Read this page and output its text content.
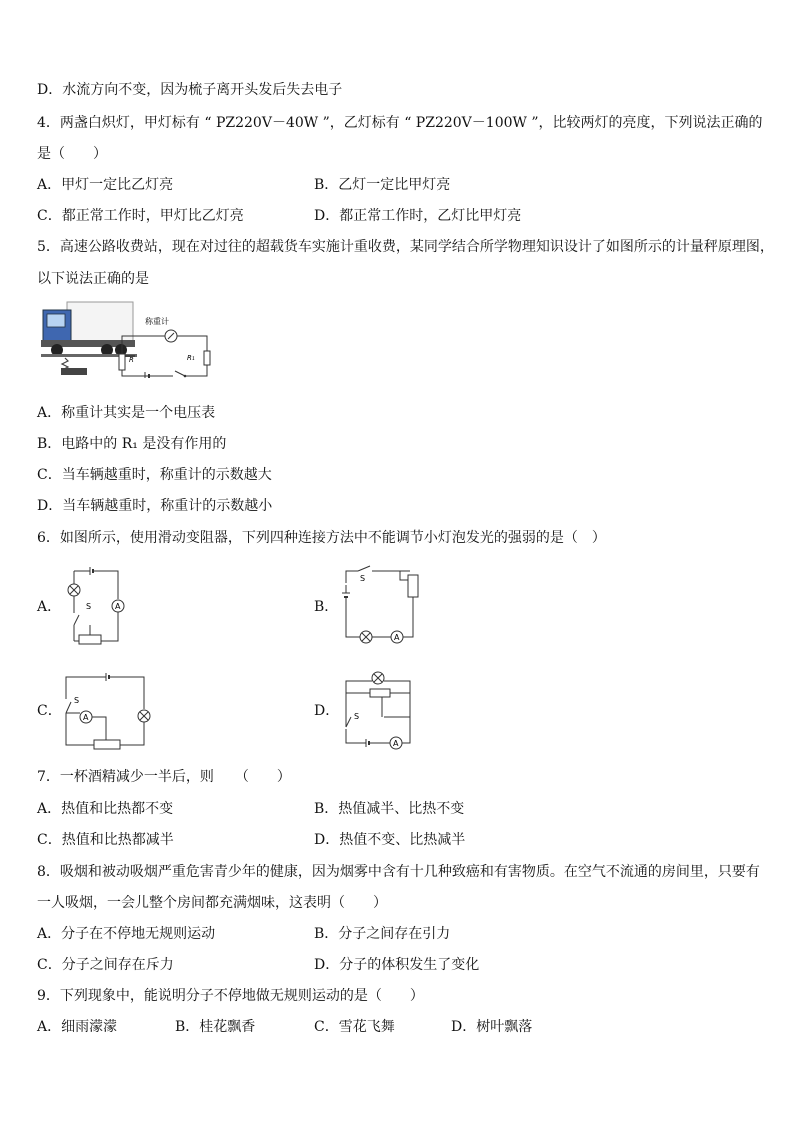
D．水流方向不变，因为梳子离开头发后失去电子
4．两盏白炽灯，甲灯标有 “ PZ220V－40W ”，乙灯标有 “ PZ220V－100W ”，比较两灯的亮度，下列说法正确的
是（　　）
A．甲灯一定比乙灯亮	B．乙灯一定比甲灯亮
C．都正常工作时，甲灯比乙灯亮	D．都正常工作时，乙灯比甲灯亮
5．高速公路收费站，现在对过往的超载货车实施计重收费，某同学结合所学物理知识设计了如图所示的计量秤原理图，
以下说法正确的是
R
称重计
R₁
A．称重计其实是一个电压表
B．电路中的 R₁ 是没有作用的
C．当车辆越重时，称重计的示数越大
D．当车辆越重时，称重计的示数越小
6．如图所示，使用滑动变阻器，下列四种连接方法中不能调节小灯泡发光的强弱的是（　）
A．	A
S	B．
S
A
C．
S
A	D． S
A
7．一杯酒精减少一半后，则　　（　　）
A．热值和比热都不变	B．热值减半、比热不变
C．热值和比热都减半	D．热值不变、比热减半
8．吸烟和被动吸烟严重危害青少年的健康，因为烟雾中含有十几种致癌和有害物质。在空气不流通的房间里，只要有
一人吸烟，一会儿整个房间都充满烟味，这表明（　　）
A．分子在不停地无规则运动	B．分子之间存在引力
C．分子之间存在斥力	D．分子的体积发生了变化
9．下列现象中，能说明分子不停地做无规则运动的是（　　）
A．细雨濛濛	B．桂花飘香	C．雪花飞舞	D．树叶飘落
